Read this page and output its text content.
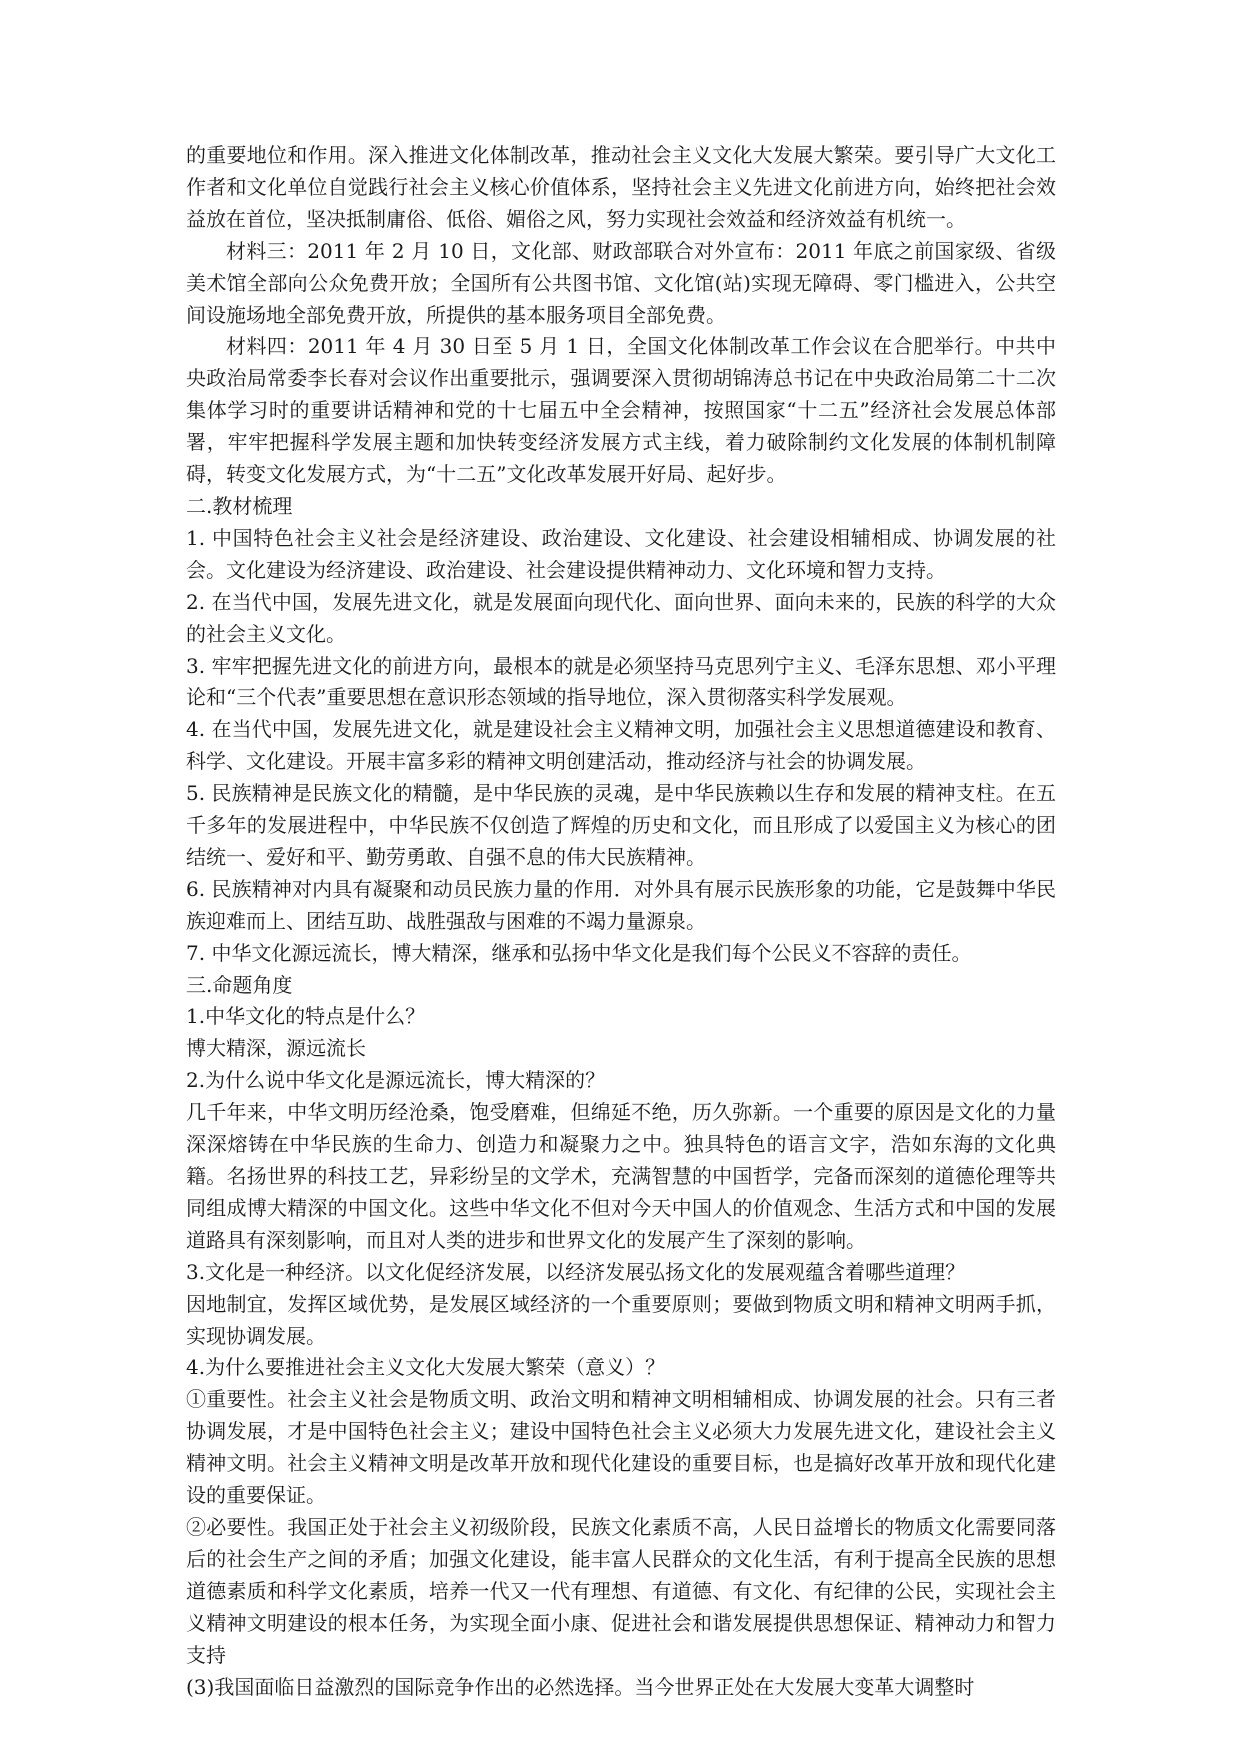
的重要地位和作用。深入推进文化体制改革，推动社会主义文化大发展大繁荣。要引导广大文化工作者和文化单位自觉践行社会主义核心价值体系，坚持社会主义先进文化前进方向，始终把社会效益放在首位，坚决抵制庸俗、低俗、媚俗之风，努力实现社会效益和经济效益有机统一。

材料三：2011 年 2 月 10 日，文化部、财政部联合对外宣布：2011 年底之前国家级、省级美术馆全部向公众免费开放；全国所有公共图书馆、文化馆(站)实现无障碍、零门槛进入，公共空间设施场地全部免费开放，所提供的基本服务项目全部免费。

材料四：2011 年 4 月 30 日至 5 月 1 日，全国文化体制改革工作会议在合肥举行。中共中央政治局常委李长春对会议作出重要批示，强调要深入贯彻胡锦涛总书记在中央政治局第二十二次集体学习时的重要讲话精神和党的十七届五中全会精神，按照国家“十二五”经济社会发展总体部署，牢牢把握科学发展主题和加快转变经济发展方式主线，着力破除制约文化发展的体制机制障碍，转变文化发展方式，为“十二五”文化改革发展开好局、起好步。

二.教材梳理

1. 中国特色社会主义社会是经济建设、政治建设、文化建设、社会建设相辅相成、协调发展的社会。文化建设为经济建设、政治建设、社会建设提供精神动力、文化环境和智力支持。

2. 在当代中国，发展先进文化，就是发展面向现代化、面向世界、面向未来的，民族的科学的大众的社会主义文化。

3. 牢牢把握先进文化的前进方向，最根本的就是必须坚持马克思列宁主义、毛泽东思想、邓小平理论和“三个代表”重要思想在意识形态领域的指导地位，深入贯彻落实科学发展观。

4. 在当代中国，发展先进文化，就是建设社会主义精神文明，加强社会主义思想道德建设和教育、科学、文化建设。开展丰富多彩的精神文明创建活动，推动经济与社会的协调发展。

5. 民族精神是民族文化的精髓，是中华民族的灵魂，是中华民族赖以生存和发展的精神支柱。在五千多年的发展进程中，中华民族不仅创造了辉煌的历史和文化，而且形成了以爱国主义为核心的团结统一、爱好和平、勤劳勇敢、自强不息的伟大民族精神。

6. 民族精神对内具有凝聚和动员民族力量的作用．对外具有展示民族形象的功能，它是鼓舞中华民族迎难而上、团结互助、战胜强敌与困难的不竭力量源泉。

7. 中华文化源远流长，博大精深，继承和弘扬中华文化是我们每个公民义不容辞的责任。

三.命题角度

1.中华文化的特点是什么？

博大精深，源远流长

2.为什么说中华文化是源远流长，博大精深的？

几千年来，中华文明历经沧桑，饱受磨难，但绵延不绝，历久弥新。一个重要的原因是文化的力量深深熔铸在中华民族的生命力、创造力和凝聚力之中。独具特色的语言文字，浩如东海的文化典籍。名扬世界的科技工艺，异彩纷呈的文学术，充满智慧的中国哲学，完备而深刻的道德伦理等共同组成博大精深的中国文化。这些中华文化不但对今天中国人的价值观念、生活方式和中国的发展道路具有深刻影响，而且对人类的进步和世界文化的发展产生了深刻的影响。

3.文化是一种经济。以文化促经济发展，以经济发展弘扬文化的发展观蕴含着哪些道理？

因地制宜，发挥区域优势，是发展区域经济的一个重要原则；要做到物质文明和精神文明两手抓，实现协调发展。

4.为什么要推进社会主义文化大发展大繁荣（意义）？

①重要性。社会主义社会是物质文明、政治文明和精神文明相辅相成、协调发展的社会。只有三者协调发展，才是中国特色社会主义；建设中国特色社会主义必须大力发展先进文化，建设社会主义精神文明。社会主义精神文明是改革开放和现代化建设的重要目标，也是搞好改革开放和现代化建设的重要保证。

②必要性。我国正处于社会主义初级阶段，民族文化素质不高，人民日益增长的物质文化需要同落后的社会生产之间的矛盾；加强文化建设，能丰富人民群众的文化生活，有利于提高全民族的思想道德素质和科学文化素质，培养一代又一代有理想、有道德、有文化、有纪律的公民，实现社会主义精神文明建设的根本任务，为实现全面小康、促进社会和谐发展提供思想保证、精神动力和智力支持

(3)我国面临日益激烈的国际竞争作出的必然选择。当今世界正处在大发展大变革大调整时
